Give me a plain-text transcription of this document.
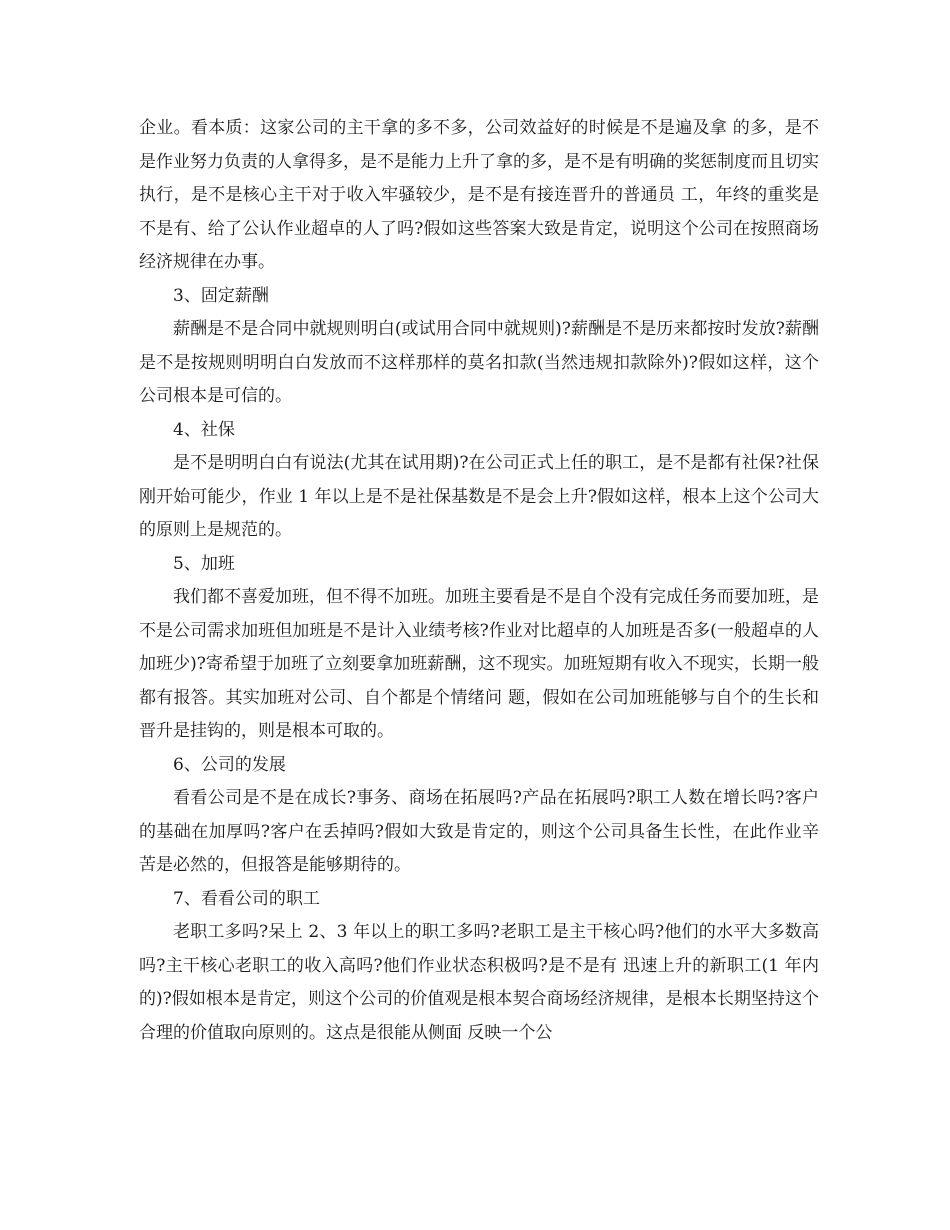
企业。看本质：这家公司的主干拿的多不多，公司效益好的时候是不是遍及拿 的多，是不是作业努力负责的人拿得多，是不是能力上升了拿的多，是不是有明确的奖惩制度而且切实执行，是不是核心主干对于收入牢骚较少，是不是有接连晋升的普通员 工，年终的重奖是不是有、给了公认作业超卓的人了吗?假如这些答案大致是肯定，说明这个公司在按照商场经济规律在办事。

3、固定薪酬

薪酬是不是合同中就规则明白(或试用合同中就规则)?薪酬是不是历来都按时发放?薪酬是不是按规则明明白白发放而不这样那样的莫名扣款(当然违规扣款除外)?假如这样，这个公司根本是可信的。

4、社保

是不是明明白白有说法(尤其在试用期)?在公司正式上任的职工，是不是都有社保?社保刚开始可能少，作业 1 年以上是不是社保基数是不是会上升?假如这样，根本上这个公司大的原则上是规范的。

5、加班

我们都不喜爱加班，但不得不加班。加班主要看是不是自个没有完成任务而要加班，是不是公司需求加班但加班是不是计入业绩考核?作业对比超卓的人加班是否多(一般超卓的人加班少)?寄希望于加班了立刻要拿加班薪酬，这不现实。加班短期有收入不现实，长期一般都有报答。其实加班对公司、自个都是个情绪问 题，假如在公司加班能够与自个的生长和晋升是挂钩的，则是根本可取的。

6、公司的发展

看看公司是不是在成长?事务、商场在拓展吗?产品在拓展吗?职工人数在增长吗?客户的基础在加厚吗?客户在丢掉吗?假如大致是肯定的，则这个公司具备生长性，在此作业辛苦是必然的，但报答是能够期待的。

7、看看公司的职工

老职工多吗?呆上 2、3 年以上的职工多吗?老职工是主干核心吗?他们的水平大多数高吗?主干核心老职工的收入高吗?他们作业状态积极吗?是不是有 迅速上升的新职工(1 年内的)?假如根本是肯定，则这个公司的价值观是根本契合商场经济规律，是根本长期坚持这个合理的价值取向原则的。这点是很能从侧面 反映一个公
